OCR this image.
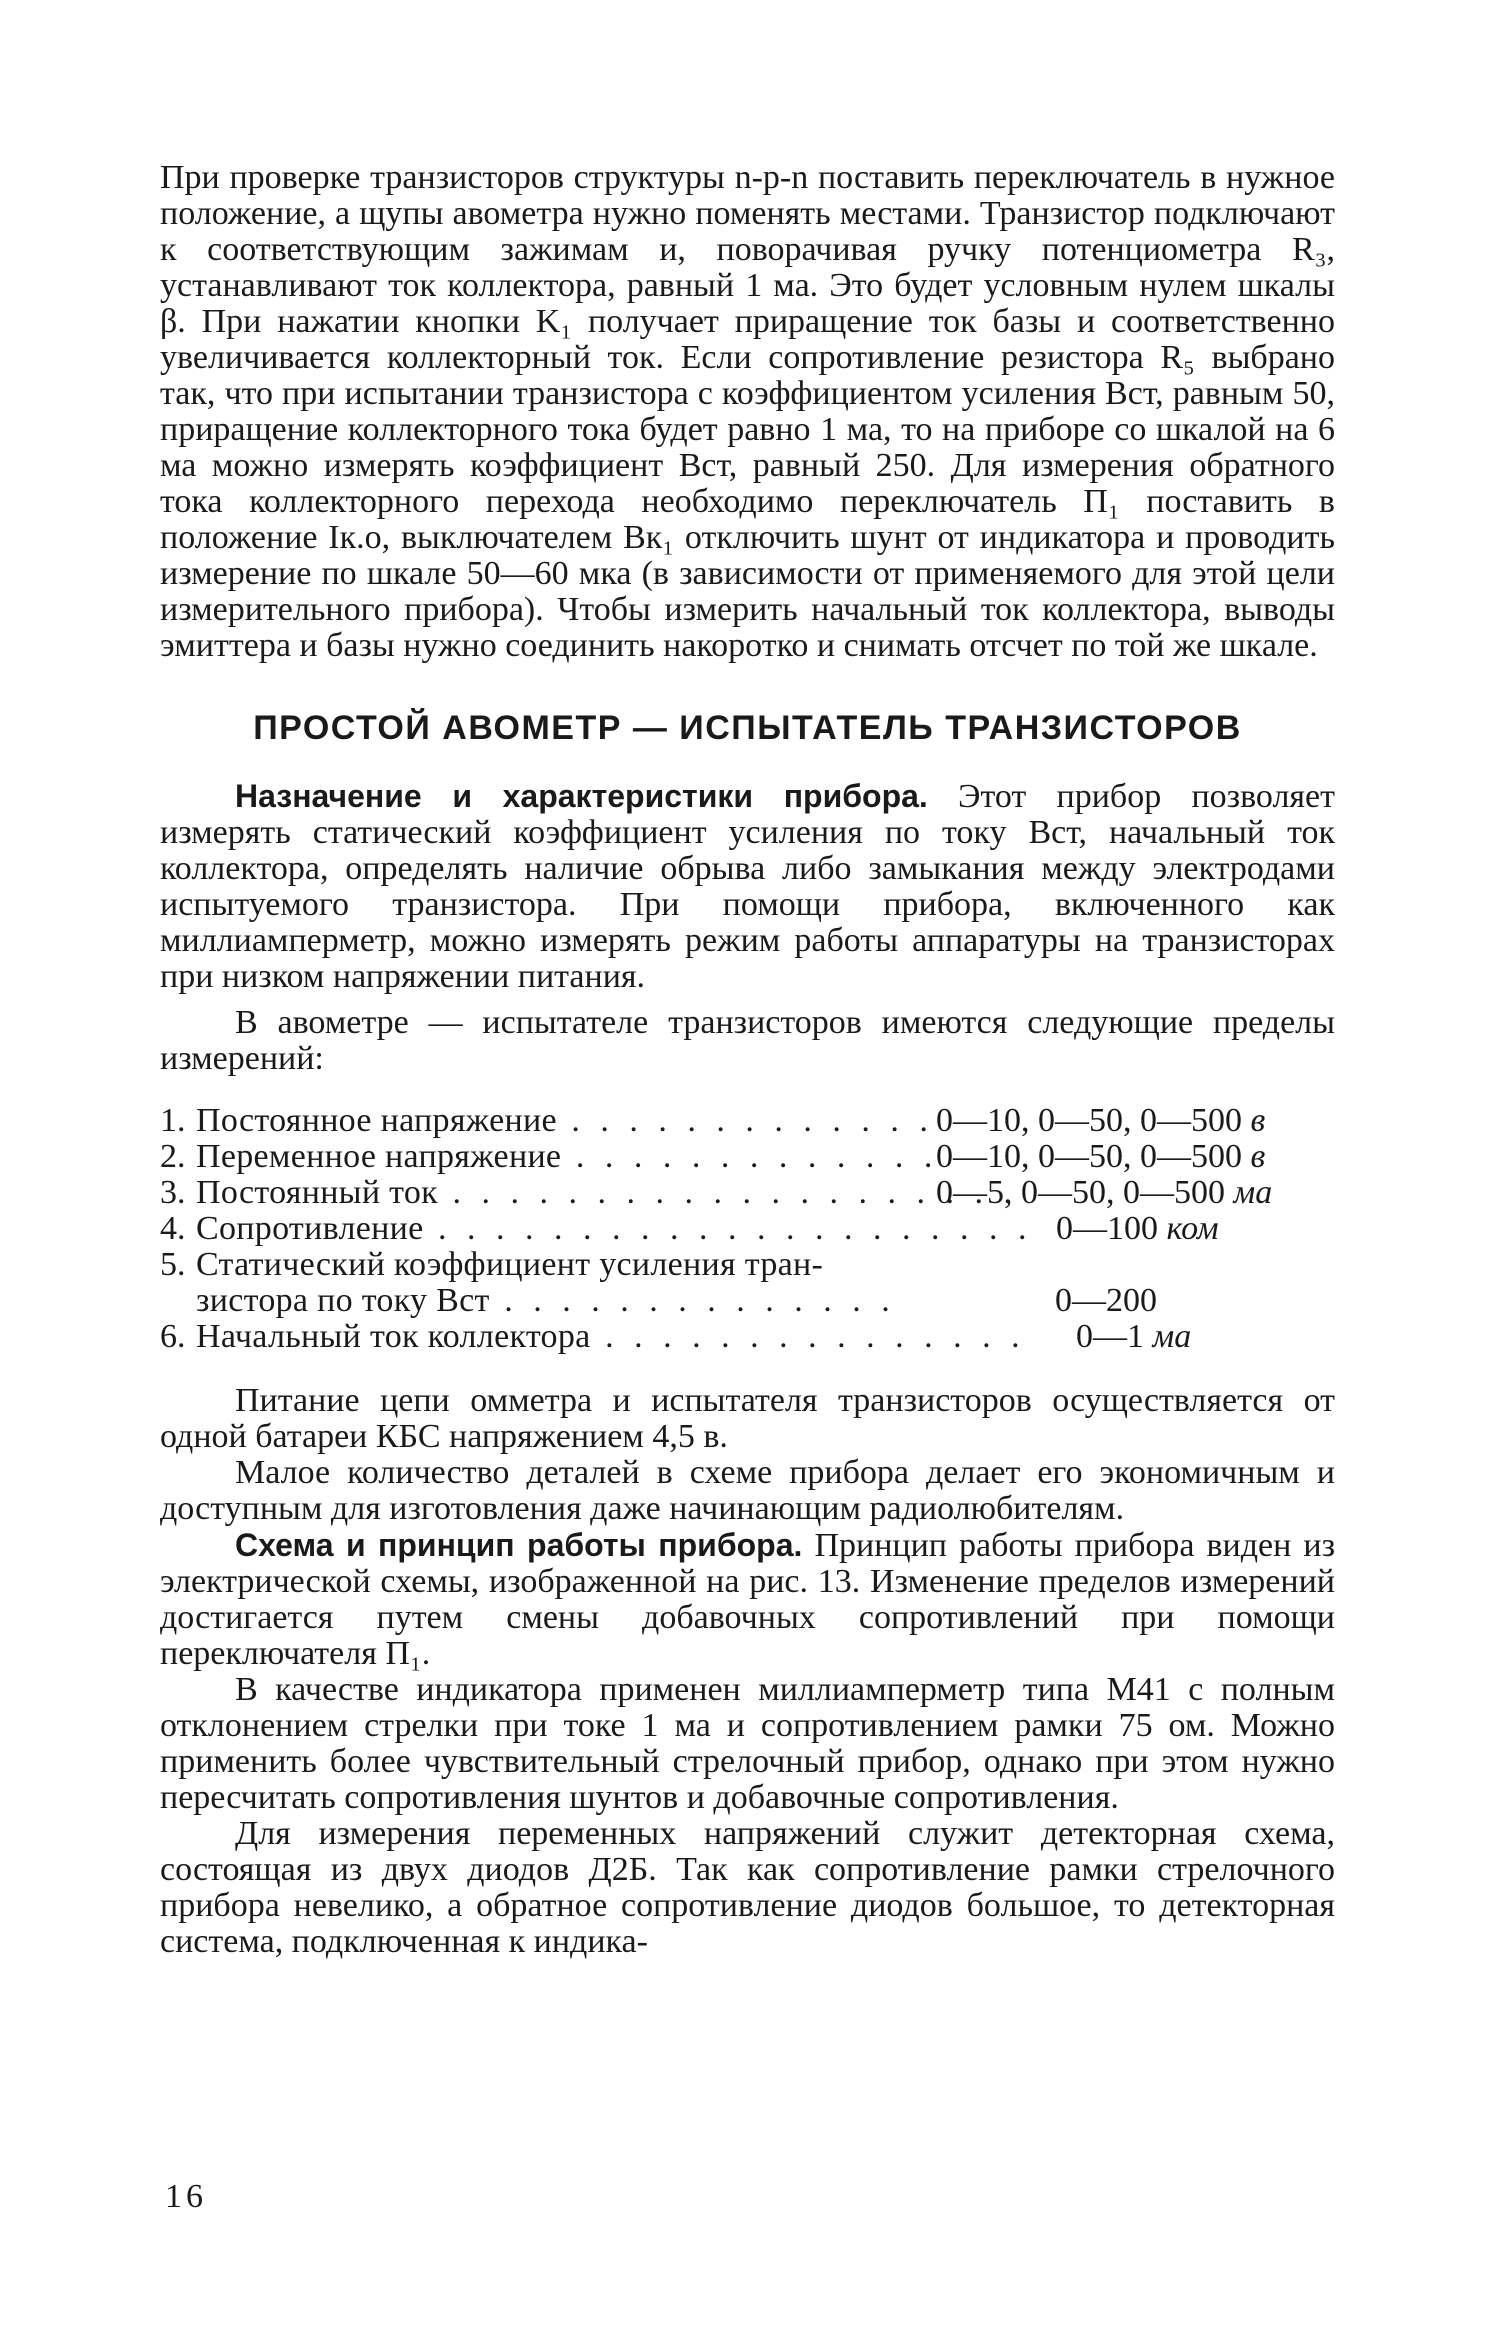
При проверке транзисторов структуры n-p-n поставить переключатель в нужное положение, а щупы авометра нужно поменять местами. Транзистор подключают к соответствующим зажимам и, поворачивая ручку потенциометра R₃, устанавливают ток коллектора, равный 1 ма. Это будет условным нулем шкалы β. При нажатии кнопки K₁ получает приращение ток базы и соответственно увеличивается коллекторный ток. Если сопротивление резистора R₅ выбрано так, что при испытании транзистора с коэффициентом усиления Bст, равным 50, приращение коллекторного тока будет равно 1 ма, то на приборе со шкалой на 6 ма можно измерять коэффициент Bст, равный 250. Для измерения обратного тока коллекторного перехода необходимо переключатель П₁ поставить в положение Iк.о, выключателем Вк₁ отключить шунт от индикатора и проводить измерение по шкале 50—60 мка (в зависимости от применяемого для этой цели измерительного прибора). Чтобы измерить начальный ток коллектора, выводы эмиттера и базы нужно соединить накоротко и снимать отсчет по той же шкале.

ПРОСТОЙ АВОМЕТР — ИСПЫТАТЕЛЬ ТРАНЗИСТОРОВ

Назначение и характеристики прибора. Этот прибор позволяет измерять статический коэффициент усиления по току Bст, начальный ток коллектора, определять наличие обрыва либо замыкания между электродами испытуемого транзистора. При помощи прибора, включенного как миллиамперметр, можно измерять режим работы аппаратуры на транзисторах при низком напряжении питания.

В авометре — испытателе транзисторов имеются следующие пределы измерений:

1. Постоянное напряжение . . . . . . . . . . . . . 0—10, 0—50, 0—500 в
2. Переменное напряжение . . . . . . . . . . . . .
0—10, 0—50, 0—500 в
3. Постоянный ток . . . . . . . . . . . . . . . . . . . .
0—5, 0—50, 0—500 ма
4. Сопротивление . . . . . . . . . . . . . . . . . . . . . 0—100 ком
5. Статический коэффициент усиления тран-
зистора по току Bст . . . . . . . . . . . . . .	0—200
6. Начальный ток коллектора . . . . . . . . . . . . . . .	0—1 ма

Питание цепи омметра и испытателя транзисторов осуществляется от одной батареи КБС напряжением 4,5 в.

Малое количество деталей в схеме прибора делает его экономичным и доступным для изготовления даже начинающим радиолюбителям.

Схема и принцип работы прибора. Принцип работы прибора виден из электрической схемы, изображенной на рис. 13. Изменение пределов измерений достигается путем смены добавочных сопротивлений при помощи переключателя П₁.

В качестве индикатора применен миллиамперметр типа М41 с полным отклонением стрелки при токе 1 ма и сопротивлением рамки 75 ом. Можно применить более чувствительный стрелочный прибор, однако при этом нужно пересчитать сопротивления шунтов и добавочные сопротивления.

Для измерения переменных напряжений служит детекторная схема, состоящая из двух диодов Д2Б. Так как сопротивление рамки стрелочного прибора невелико, а обратное сопротивление диодов большое, то детекторная система, подключенная к индика-

16
